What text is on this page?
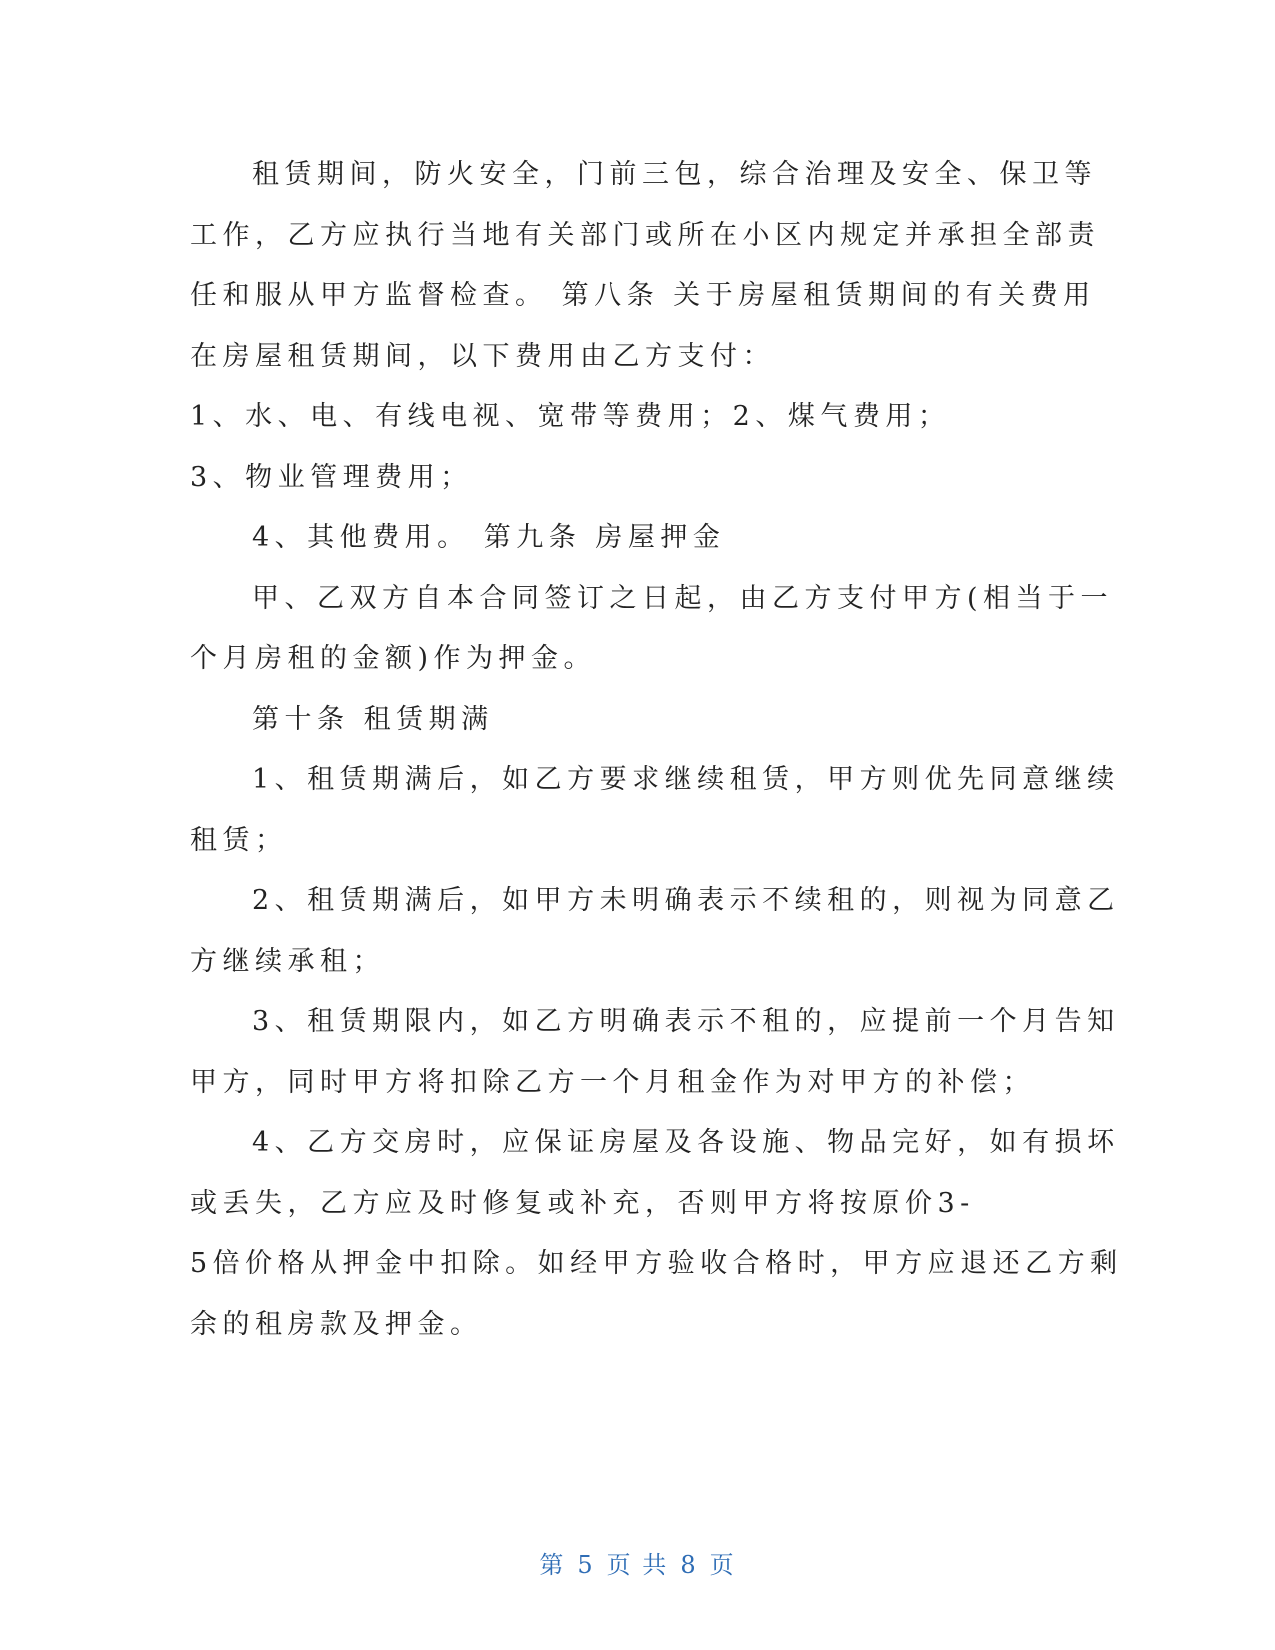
租赁期间，防火安全，门前三包，综合治理及安全、保卫等
工作，乙方应执行当地有关部门或所在小区内规定并承担全部责
任和服从甲方监督检查。 第八条 关于房屋租赁期间的有关费用
在房屋租赁期间，以下费用由乙方支付：
1、水、电、有线电视、宽带等费用；2、煤气费用；
3、物业管理费用；
4、其他费用。 第九条 房屋押金
甲、乙双方自本合同签订之日起，由乙方支付甲方(相当于一
个月房租的金额)作为押金。
第十条 租赁期满
1、租赁期满后，如乙方要求继续租赁，甲方则优先同意继续
租赁；
2、租赁期满后，如甲方未明确表示不续租的，则视为同意乙
方继续承租；
3、租赁期限内，如乙方明确表示不租的，应提前一个月告知
甲方，同时甲方将扣除乙方一个月租金作为对甲方的补偿；
4、乙方交房时，应保证房屋及各设施、物品完好，如有损坏
或丢失，乙方应及时修复或补充，否则甲方将按原价3-
5倍价格从押金中扣除。如经甲方验收合格时，甲方应退还乙方剩
余的租房款及押金。
第 5 页 共 8 页
